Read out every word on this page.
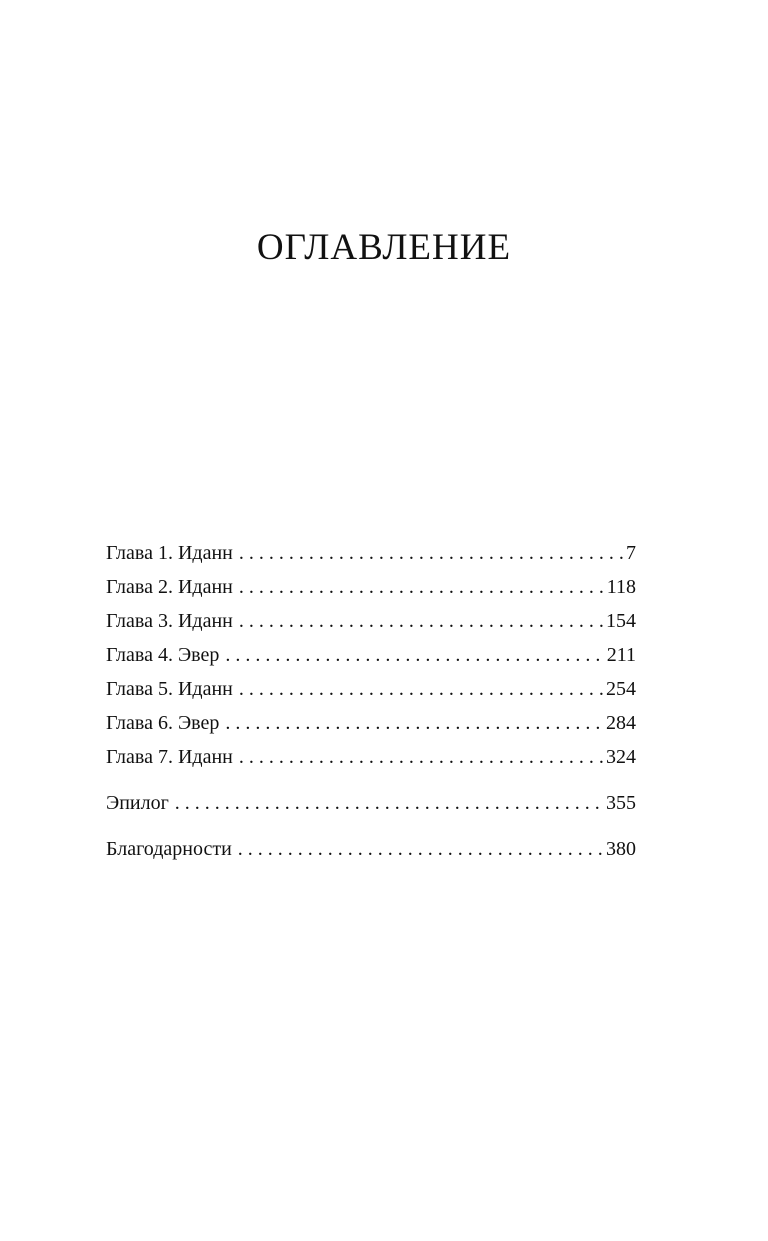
ОГЛАВЛЕНИЕ
Глава 1. Иданн . . .	7
Глава 2. Иданн . . .	118
Глава 3. Иданн . . .	154
Глава 4. Эвер . . .	211
Глава 5. Иданн . . .	254
Глава 6. Эвер . . .	284
Глава 7. Иданн . . .	324
Эпилог . . .	355
Благодарности . . .	380
